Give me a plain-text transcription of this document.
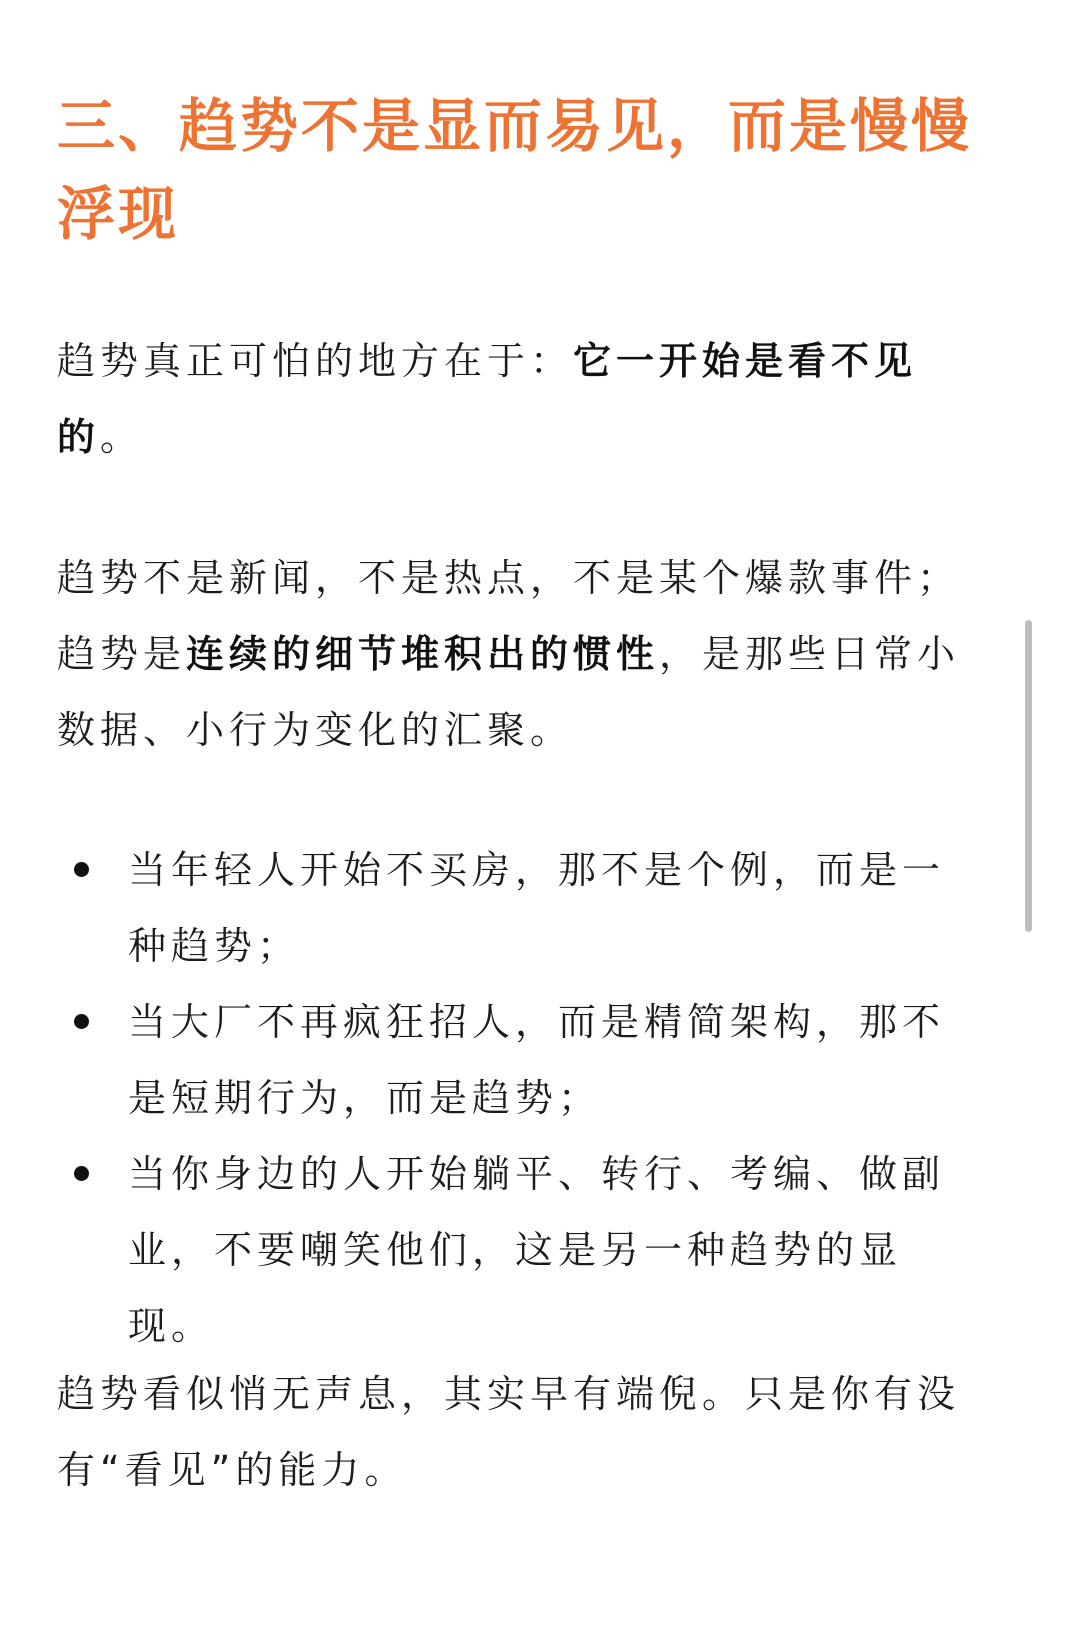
三、趋势不是显而易见，而是慢慢浮现

趋势真正可怕的地方在于：它一开始是看不见的。

趋势不是新闻，不是热点，不是某个爆款事件；趋势是连续的细节堆积出的惯性，是那些日常小数据、小行为变化的汇聚。

当年轻人开始不买房，那不是个例，而是一种趋势；
当大厂不再疯狂招人，而是精简架构，那不是短期行为，而是趋势；
当你身边的人开始躺平、转行、考编、做副业，不要嘲笑他们，这是另一种趋势的显现。

趋势看似悄无声息，其实早有端倪。只是你有没有“看见”的能力。
